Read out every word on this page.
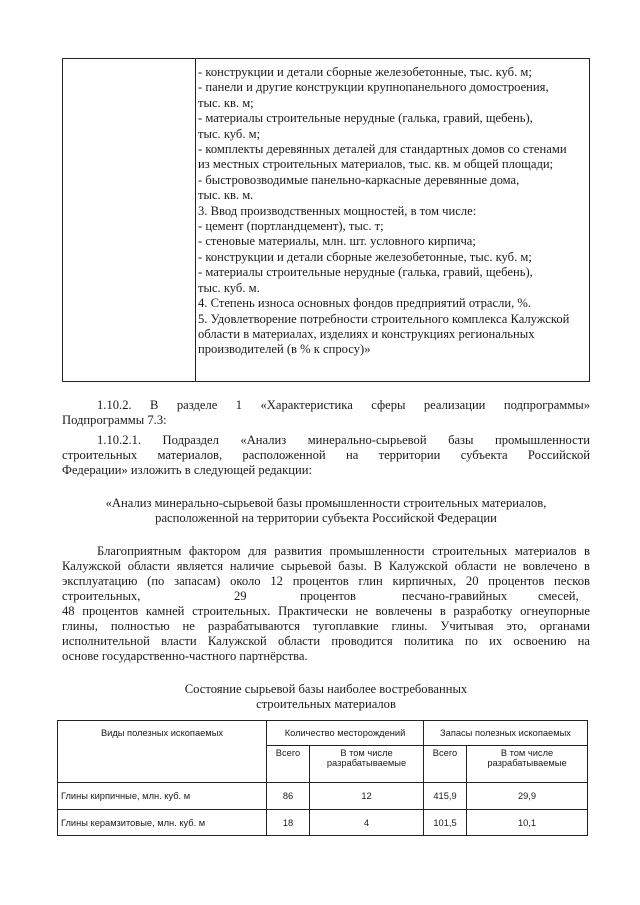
- конструкции и детали сборные железобетонные, тыс. куб. м;
- панели и другие конструкции крупнопанельного домостроения,
тыс. кв. м;
- материалы строительные нерудные (галька, гравий, щебень),
тыс. куб. м;
- комплекты деревянных деталей для стандартных домов со стенами
из местных строительных материалов, тыс. кв. м общей площади;
- быстровозводимые панельно-каркасные деревянные дома,
тыс. кв. м.
3. Ввод производственных мощностей, в том числе:
- цемент (портландцемент), тыс. т;
- стеновые материалы, млн. шт. условного кирпича;
- конструкции и детали сборные железобетонные, тыс. куб. м;
- материалы строительные нерудные (галька, гравий, щебень),
тыс. куб. м.
4. Степень износа основных фондов предприятий отрасли, %.
5. Удовлетворение потребности строительного комплекса Калужской
области в материалах, изделиях и конструкциях региональных
производителей (в % к спросу)»
1.10.2. В разделе 1 «Характеристика сферы реализации подпрограммы»
Подпрограммы 7.3:
1.10.2.1. Подраздел «Анализ минерально-сырьевой базы промышленности
строительных материалов, расположенной на территории субъекта Российской
Федерации» изложить в следующей редакции:
«Анализ минерально-сырьевой базы промышленности строительных материалов,
расположенной на территории субъекта Российской Федерации
Благоприятным фактором для развития промышленности строительных материалов в
Калужской области является наличие сырьевой базы. В Калужской области не вовлечено в
эксплуатацию (по запасам) около 12 процентов глин кирпичных, 20 процентов песков
строительных,	29	процентов	песчано-гравийных смесей,
48 процентов камней строительных. Практически не вовлечены в разработку огнеупорные
глины, полностью не разрабатываются тугоплавкие глины. Учитывая это, органами
исполнительной власти Калужской области проводится политика по их освоению на
основе государственно-частного партнёрства.
Состояние сырьевой базы наиболее востребованных
строительных материалов
Виды полезных ископаемых	Количество месторождений	Запасы полезных ископаемых
Всего	В том числе разрабатываемые
Всего	В том числе разрабатываемые
Глины кирпичные, млн. куб. м	86	12	415,9	29,9
Глины керамзитовые, млн. куб. м	18	4	101,5	10,1
